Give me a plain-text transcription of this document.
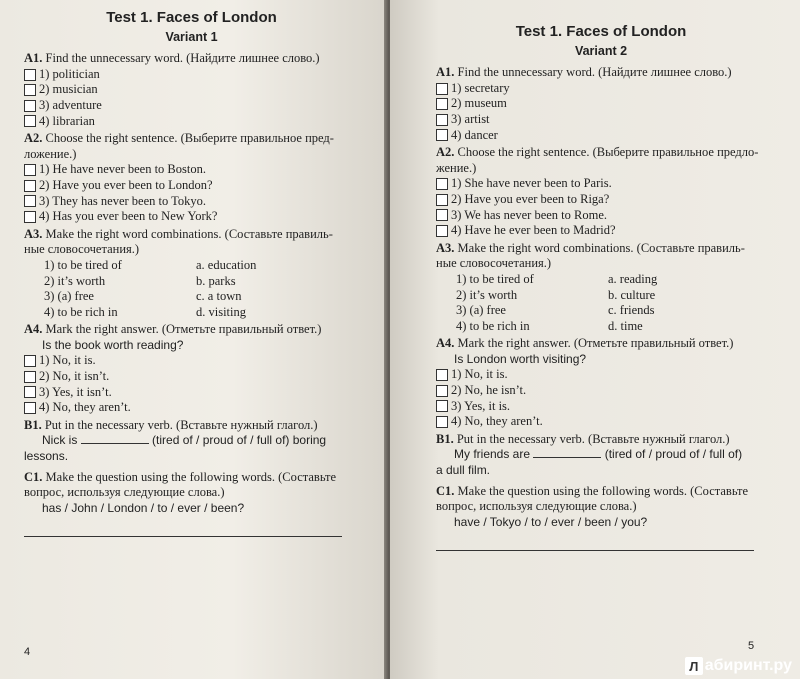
Test 1. Faces of London
Variant 1
A1. Find the unnecessary word. (Найдите лишнее слово.)
1) politician
2) musician
3) adventure
4) librarian
A2. Choose the right sentence. (Выберите правильное пред-
ложение.)
1) He have never been to Boston.
2) Have you ever been to London?
3) They has never been to Tokyo.
4) Has you ever been to New York?
A3. Make the right word combinations. (Составьте правиль-
ные словосочетания.)
1) to be tired of	a. education
2) it’s worth	b. parks
3) (a) free	c. a town
4) to be rich in	d. visiting
A4. Mark the right answer. (Отметьте правильный ответ.)
Is the book worth reading?
1) No, it is.
2) No, it isn’t.
3) Yes, it isn’t.
4) No, they aren’t.
B1. Put in the necessary verb. (Вставьте нужный глагол.)
Nick is	(tired of / proud of / full of) boring
lessons.
C1. Make the question using the following words. (Составьте
вопрос, используя следующие слова.)
has / John / London / to / ever / been?
4
Test 1. Faces of London
Variant 2
A1. Find the unnecessary word. (Найдите лишнее слово.)
1) secretary
2) museum
3) artist
4) dancer
A2. Choose the right sentence. (Выберите правильное предло-
жение.)
1) She have never been to Paris.
2) Have you ever been to Riga?
3) We has never been to Rome.
4) Have he ever been to Madrid?
A3. Make the right word combinations. (Составьте правиль-
ные словосочетания.)
1) to be tired of	a. reading
2) it’s worth	b. culture
3) (a) free	c. friends
4) to be rich in	d. time
A4. Mark the right answer. (Отметьте правильный ответ.)
Is London worth visiting?
1) No, it is.
2) No, he isn’t.
3) Yes, it is.
4) No, they aren’t.
B1. Put in the necessary verb. (Вставьте нужный глагол.)
My friends are	(tired of / proud of / full of)
a dull film.
C1. Make the question using the following words. (Составьте
вопрос, используя следующие слова.)
have / Tokyo / to / ever / been / you?
5
Л абиринт.ру
